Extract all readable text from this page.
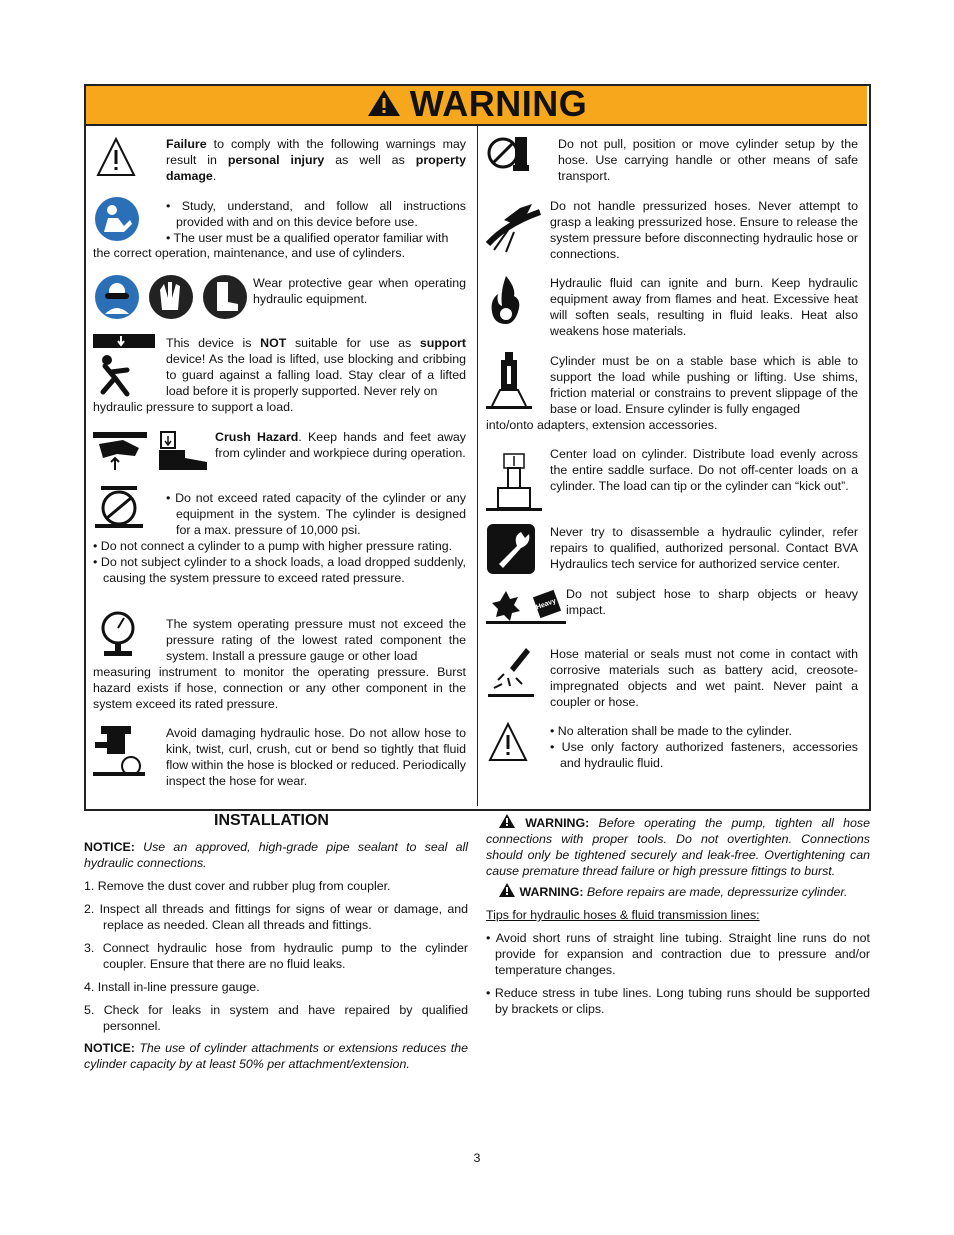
WARNING
Failure to comply with the following warnings may result in personal injury as well as property damage.
• Study, understand, and follow all instructions provided with and on this device before use.
• The user must be a qualified operator familiar with
the correct operation, maintenance, and use of cylinders.
Wear protective gear when operating hydraulic equipment.
This device is NOT suitable for use as support device! As the load is lifted, use blocking and cribbing to guard against a falling load. Stay clear of a lifted load before it is properly supported. Never rely on
hydraulic pressure to support a load.
Crush Hazard. Keep hands and feet away from cylinder and workpiece during operation.
• Do not exceed rated capacity of the cylinder or any equipment in the system. The cylinder is designed for a max. pressure of 10,000 psi.
• Do not connect a cylinder to a pump with higher pressure rating.
• Do not subject cylinder to a shock loads, a load dropped suddenly, causing the system pressure to exceed rated pressure.
The system operating pressure must not exceed the pressure rating of the lowest rated component the system. Install a pressure gauge or other load
measuring instrument to monitor the operating pressure. Burst hazard exists if hose, connection or any other component in the system exceed its rated pressure.
Avoid damaging hydraulic hose. Do not allow hose to kink, twist, curl, crush, cut or bend so tightly that fluid flow within the hose is blocked or reduced. Periodically inspect the hose for wear.
Do not pull, position or move cylinder setup by the hose. Use carrying handle or other means of safe transport.
Do not handle pressurized hoses. Never attempt to grasp a leaking pressurized hose. Ensure to release the system pressure before disconnecting hydraulic hose or connections.
Hydraulic fluid can ignite and burn. Keep hydraulic equipment away from flames and heat. Excessive heat will soften seals, resulting in fluid leaks. Heat also weakens hose materials.
Cylinder must be on a stable base which is able to support the load while pushing or lifting. Use shims, friction material or constrains to prevent slippage of the base or load. Ensure cylinder is fully engaged
into/onto adapters, extension accessories.
Center load on cylinder. Distribute load evenly across the entire saddle surface. Do not off-center loads on a cylinder. The load can tip or the cylinder can “kick out”.
Never try to disassemble a hydraulic cylinder, refer repairs to qualified, authorized personal. Contact BVA Hydraulics tech service for authorized service center.
Heavy
Do not subject hose to sharp objects or heavy impact.
Hose material or seals must not come in contact with corrosive materials such as battery acid, creosote-impregnated objects and wet paint. Never paint a coupler or hose.
• No alteration shall be made to the cylinder.
• Use only factory authorized fasteners, accessories and hydraulic fluid.
INSTALLATION
NOTICE: Use an approved, high-grade pipe sealant to seal all hydraulic connections.
1. Remove the dust cover and rubber plug from coupler.
2. Inspect all threads and fittings for signs of wear or damage, and replace as needed. Clean all threads and fittings.
3. Connect hydraulic hose from hydraulic pump to the cylinder coupler. Ensure that there are no fluid leaks.
4. Install in-line pressure gauge.
5. Check for leaks in system and have repaired by qualified personnel.
NOTICE: The use of cylinder attachments or extensions reduces the cylinder capacity by at least 50% per attachment/extension.
WARNING: Before operating the pump, tighten all hose connections with proper tools. Do not overtighten. Connections should only be tightened securely and leak-free. Overtightening can cause premature thread failure or high pressure fittings to burst.
WARNING: Before repairs are made, depressurize cylinder.
Tips for hydraulic hoses & fluid transmission lines:
• Avoid short runs of straight line tubing. Straight line runs do not provide for expansion and contraction due to pressure and/or temperature changes.
• Reduce stress in tube lines. Long tubing runs should be supported by brackets or clips.
3
